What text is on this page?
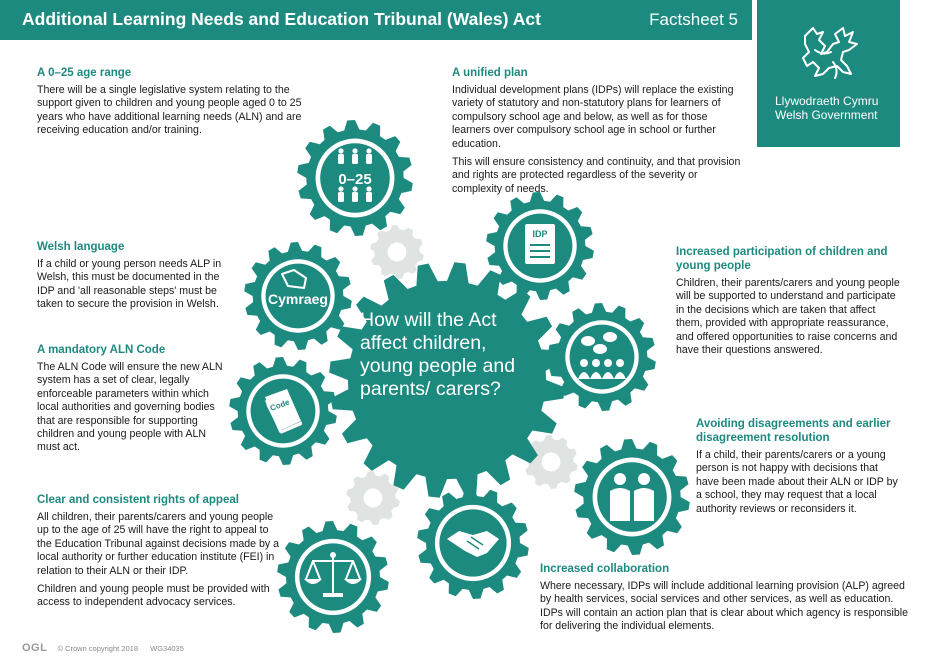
Additional Learning Needs and Education Tribunal (Wales) Act	Factsheet 5
Llywodraeth Cymru
Welsh Government
0–25
IDP
Cymraeg
Code
How will the Act affect children, young people and parents/ carers?
A 0–25 age range

There will be a single legislative system relating to the support given to children and young people aged 0 to 25 years who have additional learning needs (ALN) and are receiving education and/or training.

A unified plan

Individual development plans (IDPs) will replace the existing variety of statutory and non-statutory plans for learners of compulsory school age and below, as well as for those learners over compulsory school age in school or further education.

This will ensure consistency and continuity, and that provision and rights are protected regardless of the severity or complexity of needs.

Welsh language

If a child or young person needs ALP in Welsh, this must be documented in the IDP and 'all reasonable steps' must be taken to secure the provision in Welsh.

A mandatory ALN Code

The ALN Code will ensure the new ALN system has a set of clear, legally enforceable parameters within which local authorities and governing bodies that are responsible for supporting children and young people with ALN must act.

Clear and consistent rights of appeal

All children, their parents/carers and young people up to the age of 25 will have the right to appeal to the Education Tribunal against decisions made by a local authority or further education institute (FEI) in relation to their ALN or their IDP.

Children and young people must be provided with access to independent advocacy services.

Increased participation of children and young people

Children, their parents/carers and young people will be supported to understand and participate in the decisions which are taken that affect them, provided with appropriate reassurance, and offered opportunities to raise concerns and have their questions answered.

Avoiding disagreements and earlier disagreement resolution

If a child, their parents/carers or a young person is not happy with decisions that have been made about their ALN or IDP by a school, they may request that a local authority reviews or reconsiders it.

Increased collaboration

Where necessary, IDPs will include additional learning provision (ALP) agreed by health services, social services and other services, as well as education. IDPs will contain an action plan that is clear about which agency is responsible for delivering the individual elements.

OGL © Crown copyright 2018 WG34035
